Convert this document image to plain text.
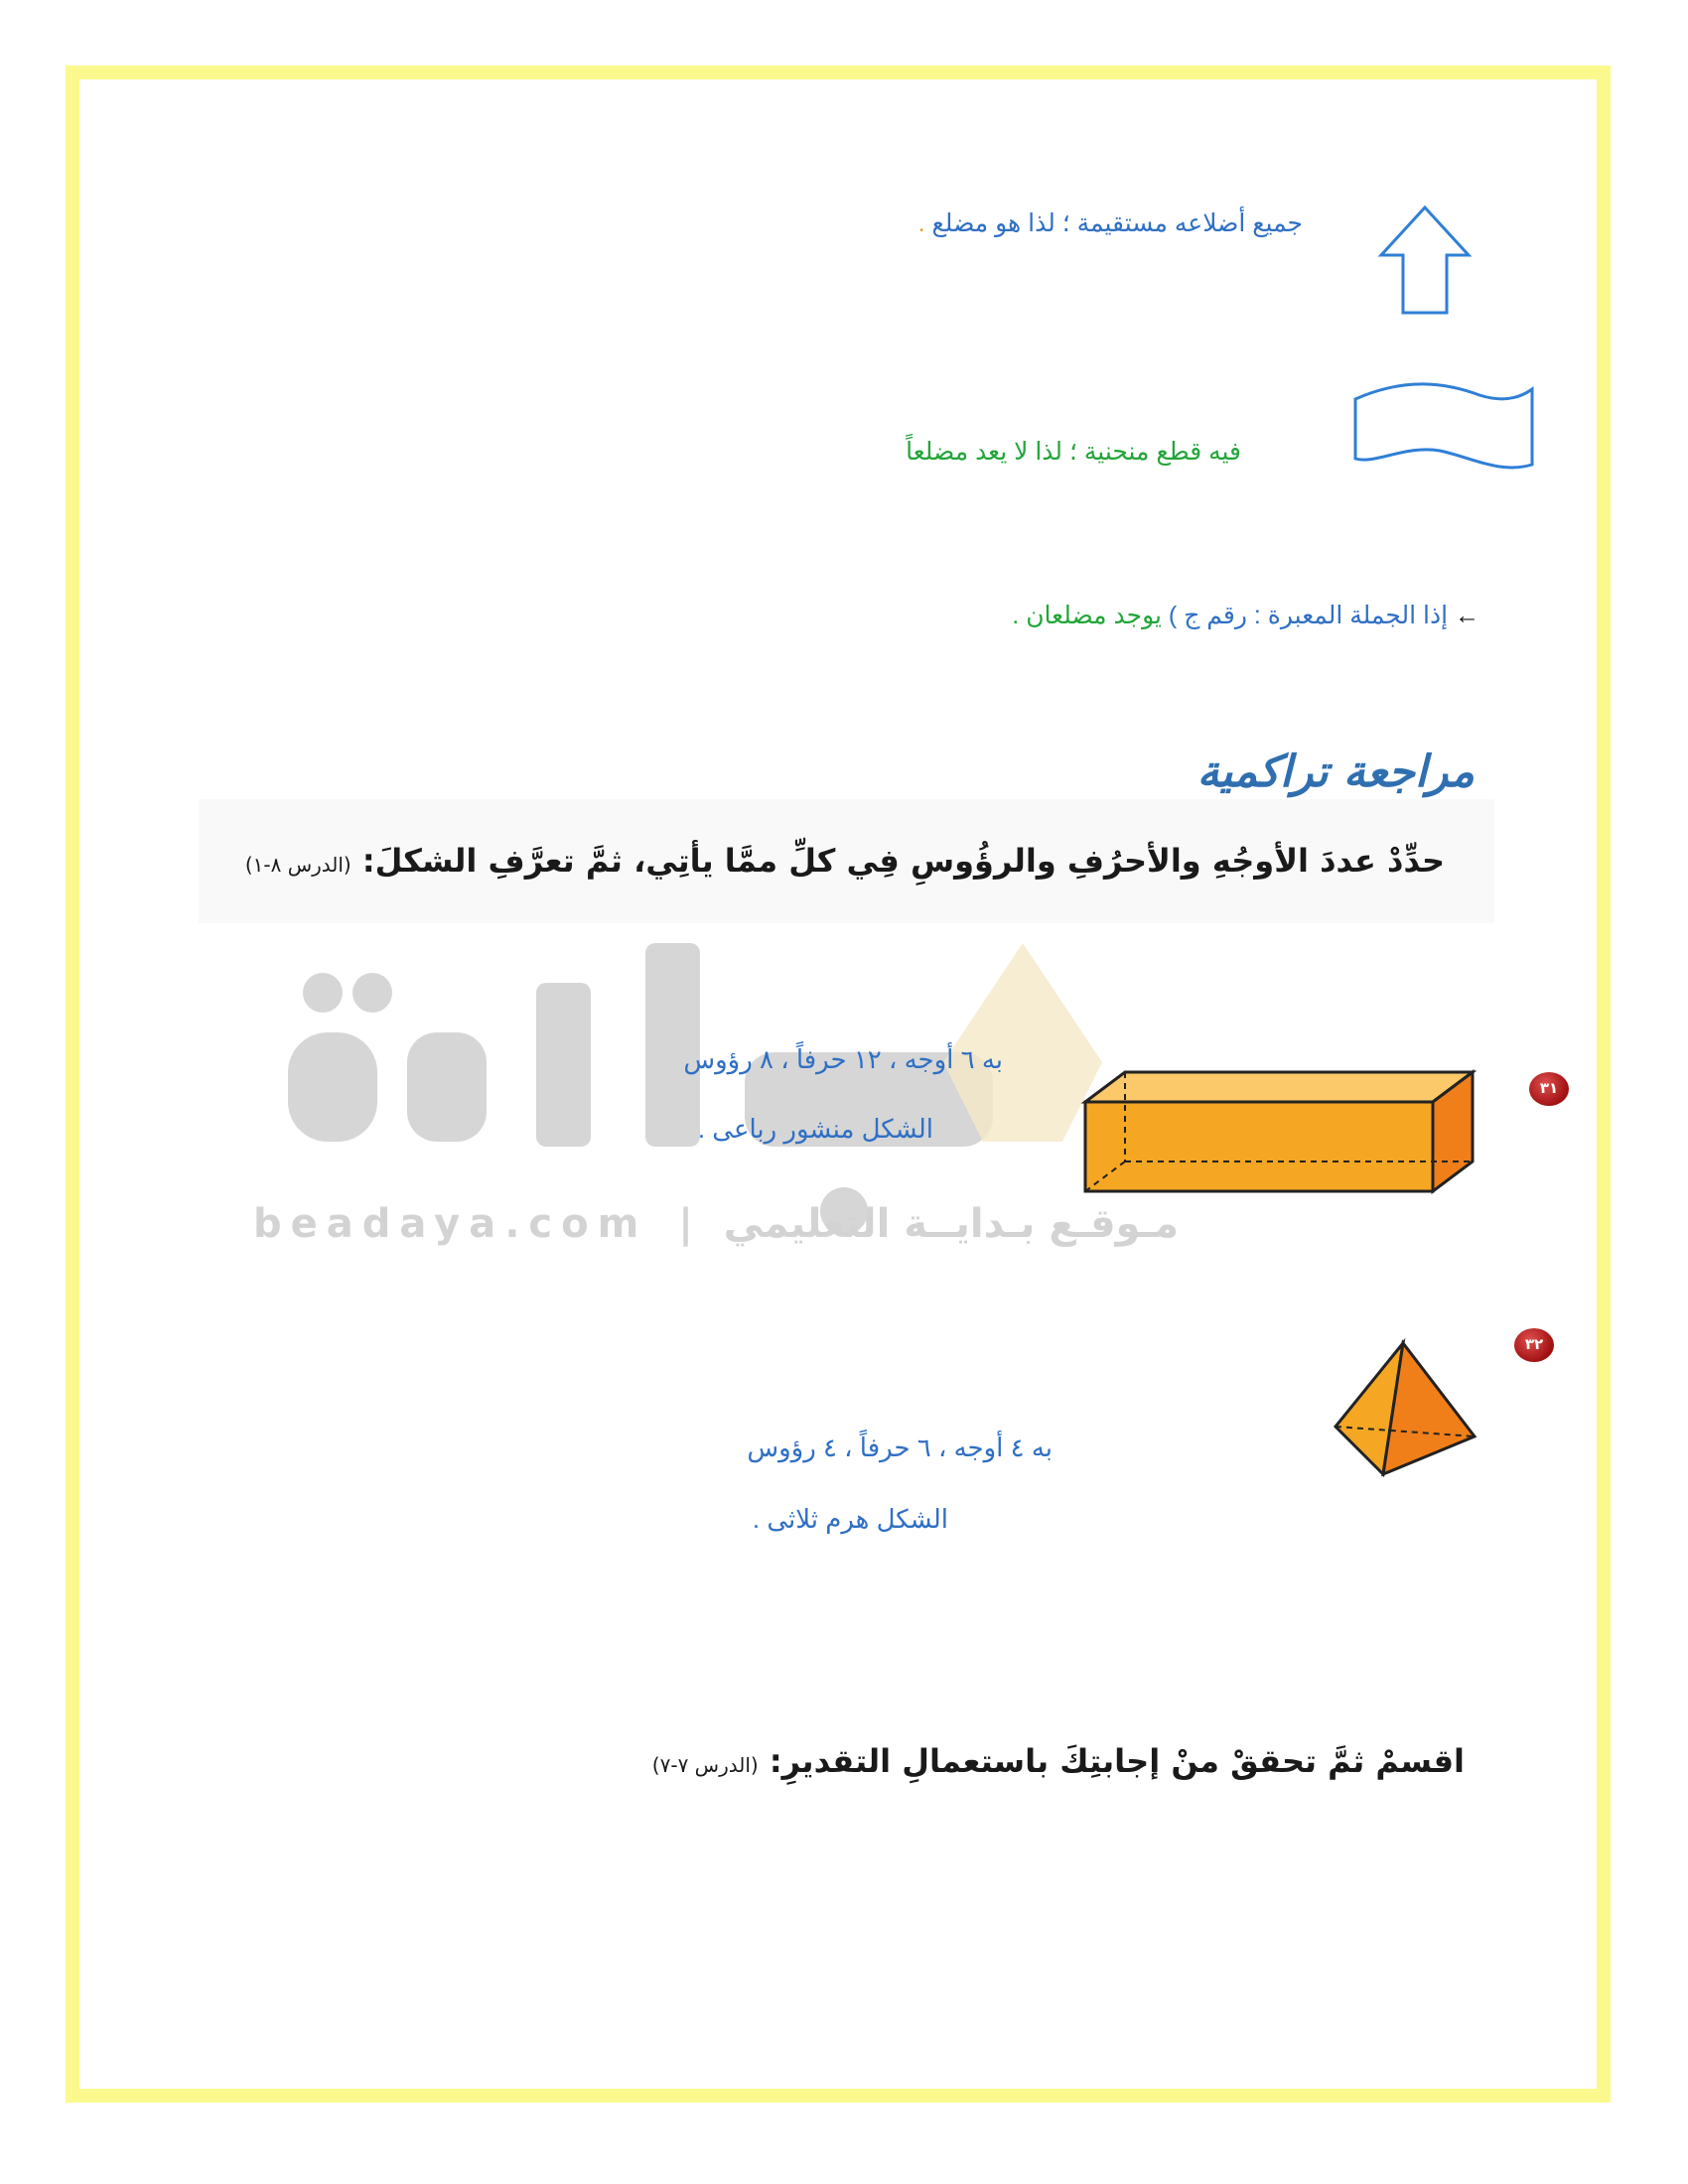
beadaya.com | مـوقـع بـدايــة التعليمي
جميع أضلاعه مستقيمة ؛ لذا هو مضلع .
فيه قطع منحنية ؛ لذا لا يعد مضلعاً
← إذا الجملة المعبرة : رقم ج ) يوجد مضلعان .
مراجعة تراكمية
حدِّدْ عددَ الأوجُهِ والأحرُفِ والرؤُوسِ فِي كلِّ ممَّا يأتِي، ثمَّ تعرَّفِ الشكلَ: (الدرس ٨-١)
٣١
به ٦ أوجه ، ١٢ حرفاً ، ٨ رؤوس
الشكل منشور رباعى .
٣٢
به ٤ أوجه ، ٦ حرفاً ، ٤ رؤوس
الشكل هرم ثلاثى .
اقسمْ ثمَّ تحققْ منْ إجابتِكَ باستعمالِ التقديرِ: (الدرس ٧-٧)
